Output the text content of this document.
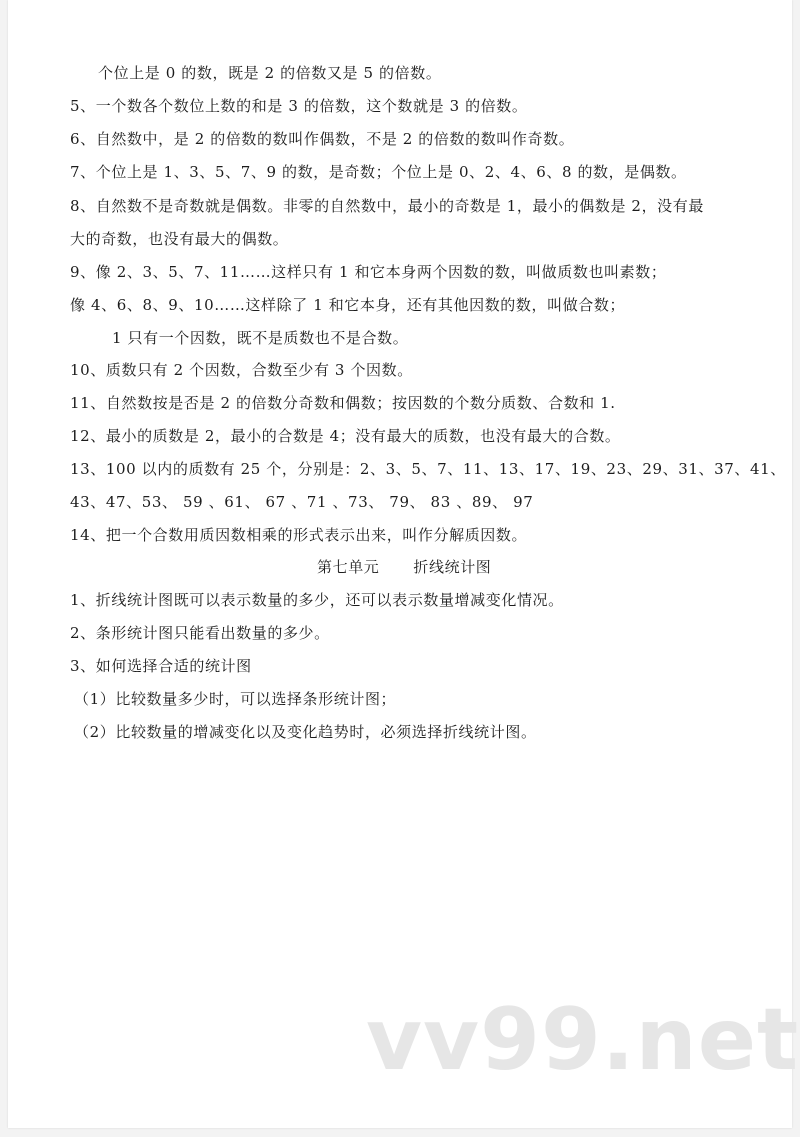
个位上是 0 的数，既是 2 的倍数又是 5 的倍数。
5、一个数各个数位上数的和是 3 的倍数，这个数就是 3 的倍数。
6、自然数中，是 2 的倍数的数叫作偶数，不是 2 的倍数的数叫作奇数。
7、个位上是 1、3、5、7、9 的数，是奇数；个位上是 0、2、4、6、8 的数，是偶数。
8、自然数不是奇数就是偶数。非零的自然数中，最小的奇数是 1，最小的偶数是 2，没有最
大的奇数，也没有最大的偶数。
9、像 2、3、5、7、11……这样只有 1 和它本身两个因数的数，叫做质数也叫素数；
像 4、6、8、9、10……这样除了 1 和它本身，还有其他因数的数，叫做合数；
1 只有一个因数，既不是质数也不是合数。
10、质数只有 2 个因数，合数至少有 3 个因数。
11、自然数按是否是 2 的倍数分奇数和偶数；按因数的个数分质数、合数和 1.
12、最小的质数是 2，最小的合数是 4；没有最大的质数，也没有最大的合数。
13、100 以内的质数有 25 个，分别是：2、3、5、7、11、13、17、19、23、29、31、37、41、
43、47、53、 59 、61、 67 、71 、73、 79、 83 、89、 97
14、把一个合数用质因数相乘的形式表示出来，叫作分解质因数。
第七单元 折线统计图
1、折线统计图既可以表示数量的多少，还可以表示数量增减变化情况。
2、条形统计图只能看出数量的多少。
3、如何选择合适的统计图
（1）比较数量多少时，可以选择条形统计图；
（2）比较数量的增减变化以及变化趋势时，必须选择折线统计图。
vv99.net
